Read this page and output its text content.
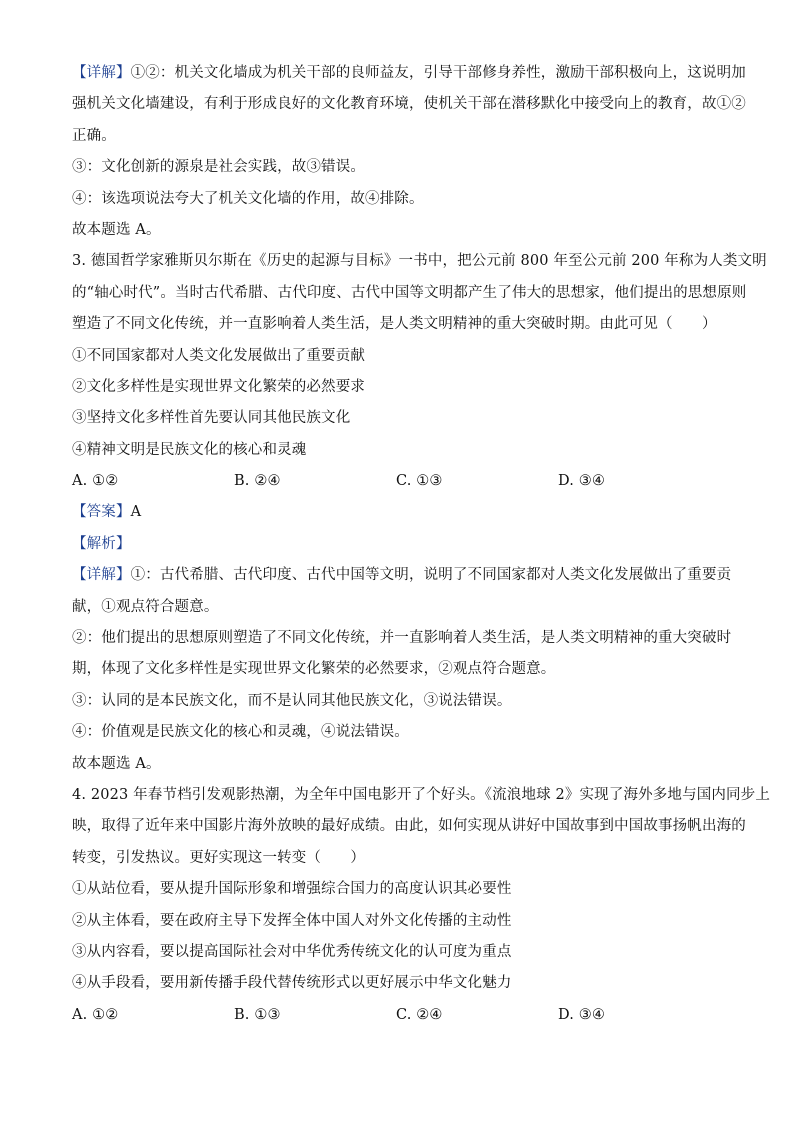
【详解】①②：机关文化墙成为机关干部的良师益友，引导干部修身养性，激励干部积极向上，这说明加
强机关文化墙建设，有利于形成良好的文化教育环境，使机关干部在潜移默化中接受向上的教育，故①②
正确。
③：文化创新的源泉是社会实践，故③错误。
④：该选项说法夸大了机关文化墙的作用，故④排除。
故本题选 A。
3. 德国哲学家雅斯贝尔斯在《历史的起源与目标》一书中，把公元前 800 年至公元前 200 年称为人类文明
的“轴心时代”。当时古代希腊、古代印度、古代中国等文明都产生了伟大的思想家，他们提出的思想原则
塑造了不同文化传统，并一直影响着人类生活，是人类文明精神的重大突破时期。由此可见（　　）
①不同国家都对人类文化发展做出了重要贡献
②文化多样性是实现世界文化繁荣的必然要求
③坚持文化多样性首先要认同其他民族文化
④精神文明是民族文化的核心和灵魂
A. ①②	B. ②④	C. ①③	D. ③④
【答案】A
【解析】
【详解】①：古代希腊、古代印度、古代中国等文明，说明了不同国家都对人类文化发展做出了重要贡
献，①观点符合题意。
②：他们提出的思想原则塑造了不同文化传统，并一直影响着人类生活，是人类文明精神的重大突破时
期，体现了文化多样性是实现世界文化繁荣的必然要求，②观点符合题意。
③：认同的是本民族文化，而不是认同其他民族文化，③说法错误。
④：价值观是民族文化的核心和灵魂，④说法错误。
故本题选 A。
4. 2023 年春节档引发观影热潮，为全年中国电影开了个好头。《流浪地球 2》实现了海外多地与国内同步上
映，取得了近年来中国影片海外放映的最好成绩。由此，如何实现从讲好中国故事到中国故事扬帆出海的
转变，引发热议。更好实现这一转变（　　）
①从站位看，要从提升国际形象和增强综合国力的高度认识其必要性
②从主体看，要在政府主导下发挥全体中国人对外文化传播的主动性
③从内容看，要以提高国际社会对中华优秀传统文化的认可度为重点
④从手段看，要用新传播手段代替传统形式以更好展示中华文化魅力
A. ①②	B. ①③	C. ②④	D. ③④
